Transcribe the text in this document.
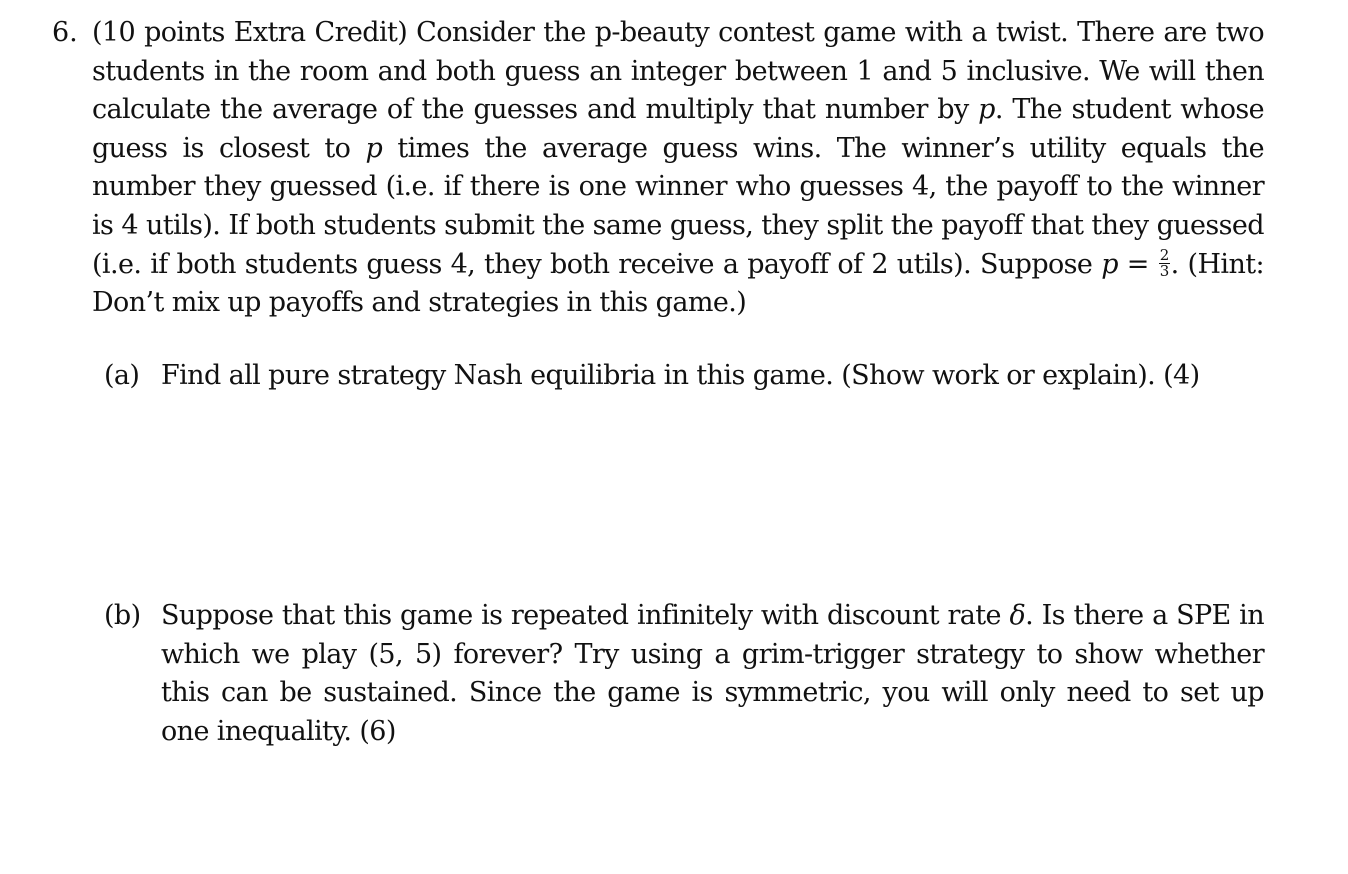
6. (10 points Extra Credit) Consider the p-beauty contest game with a twist. There are two students in the room and both guess an integer between 1 and 5 inclusive. We will then calculate the average of the guesses and multiply that number by p. The student whose guess is closest to p times the average guess wins. The winner’s utility equals the number they guessed (i.e. if there is one winner who guesses 4, the payoff to the winner is 4 utils). If both students submit the same guess, they split the payoff that they guessed (i.e. if both students guess 4, they both receive a payoff of 2 utils). Suppose $p = \frac{2}{3}$ . (Hint: Don’t mix up payoffs and strategies in this game.)
(a) Find all pure strategy Nash equilibria in this game. (Show work or explain). (4)
(b) Suppose that this game is repeated infinitely with discount rate δ. Is there a SPE in which we play (5, 5) forever? Try using a grim-trigger strategy to show whether this can be sustained. Since the game is symmetric, you will only need to set up one inequality. (6)
